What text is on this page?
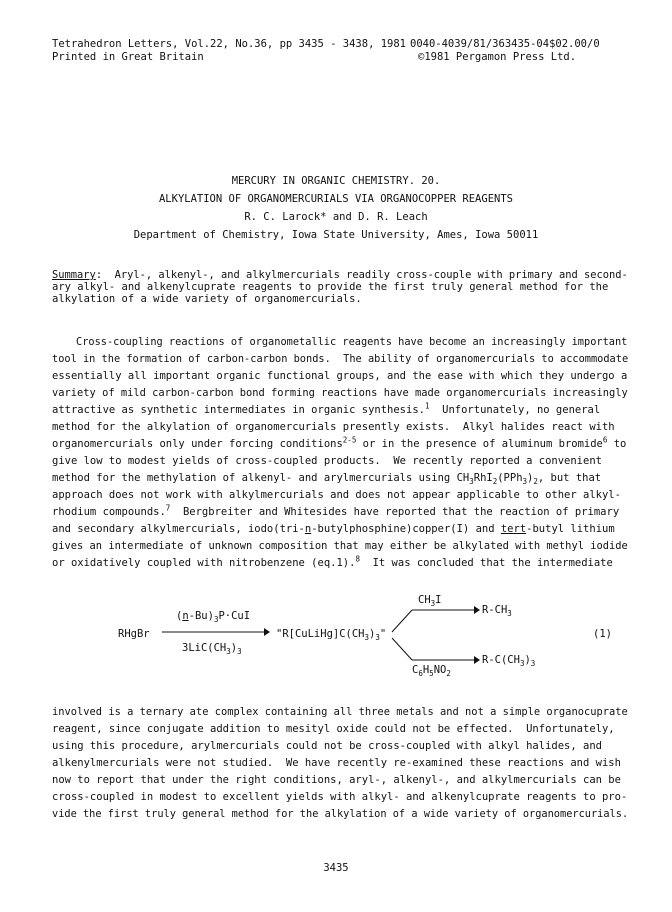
Tetrahedron Letters, Vol.22, No.36, pp 3435 - 3438, 1981
Printed in Great Britain
0040-4039/81/363435-04$02.00/0
©1981 Pergamon Press Ltd.
MERCURY IN ORGANIC CHEMISTRY. 20.
ALKYLATION OF ORGANOMERCURIALS VIA ORGANOCOPPER REAGENTS
R. C. Larock* and D. R. Leach
Department of Chemistry, Iowa State University, Ames, Iowa 50011
Summary:  Aryl-, alkenyl-, and alkylmercurials readily cross-couple with primary and second-
ary alkyl- and alkenylcuprate reagents to provide the first truly general method for the
alkylation of a wide variety of organomercurials.
Cross-coupling reactions of organometallic reagents have become an increasingly important
tool in the formation of carbon-carbon bonds.  The ability of organomercurials to accommodate
essentially all important organic functional groups, and the ease with which they undergo a
variety of mild carbon-carbon bond forming reactions have made organomercurials increasingly
attractive as synthetic intermediates in organic synthesis.$^1$  Unfortunately, no general
method for the alkylation of organomercurials presently exists.  Alkyl halides react with
organomercurials only under forcing conditions$^{2-5}$ or in the presence of aluminum bromide$^6$ to
give low to modest yields of cross-coupled products.  We recently reported a convenient
method for the methylation of alkenyl- and arylmercurials using $CH_3RhI_2(PPh_3)_2$, but that
approach does not work with alkylmercurials and does not appear applicable to other alkyl-
rhodium compounds.$^7$  Bergbreiter and Whitesides have reported that the reaction of primary
and secondary alkylmercurials, iodo(tri-n-butylphosphine)copper(I) and tert-butyl lithium
gives an intermediate of unknown composition that may either be alkylated with methyl iodide
or oxidatively coupled with nitrobenzene (eq.1).$^8$  It was concluded that the intermediate
RHgBr
$(n-Bu)_3P\cdot CuI$
$3LiC(CH_3)_3$
"$R[CuLiHg]C(CH_3)_3$"
$CH_3I$
$R-CH_3$
$C_6H_5NO_2$
$R-C(CH_3)_3$
(1)
involved is a ternary ate complex containing all three metals and not a simple organocuprate
reagent, since conjugate addition to mesityl oxide could not be effected.  Unfortunately,
using this procedure, arylmercurials could not be cross-coupled with alkyl halides, and
alkenylmercurials were not studied.  We have recently re-examined these reactions and wish
now to report that under the right conditions, aryl-, alkenyl-, and alkylmercurials can be
cross-coupled in modest to excellent yields with alkyl- and alkenylcuprate reagents to pro-
vide the first truly general method for the alkylation of a wide variety of organomercurials.
3435
